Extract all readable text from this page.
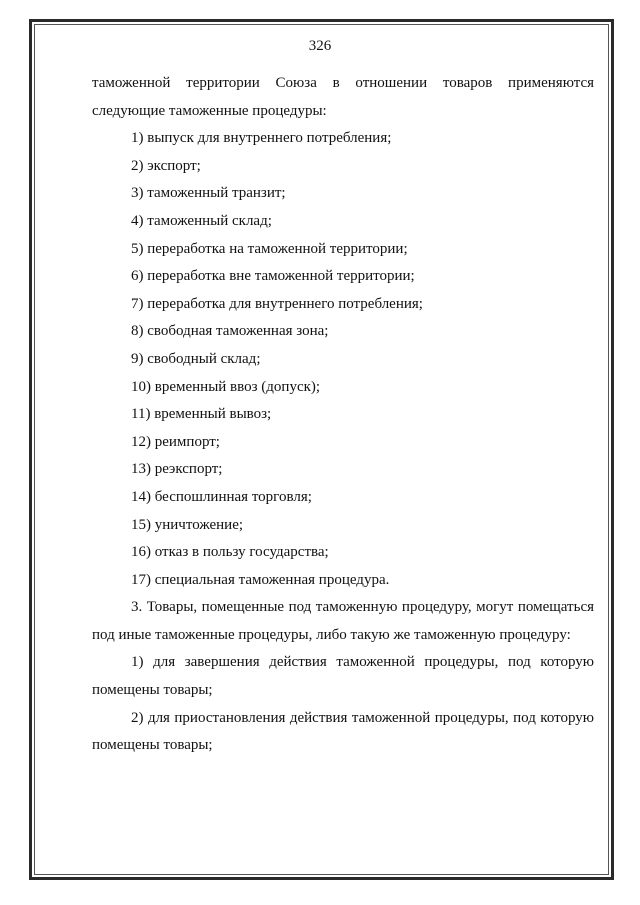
326

таможенной территории Союза в отношении товаров применяются следующие таможенные процедуры:

1) выпуск для внутреннего потребления;

2) экспорт;

3) таможенный транзит;

4) таможенный склад;

5) переработка на таможенной территории;

6) переработка вне таможенной территории;

7) переработка для внутреннего потребления;

8) свободная таможенная зона;

9) свободный склад;

10) временный ввоз (допуск);

11) временный вывоз;

12) реимпорт;

13) реэкспорт;

14) беспошлинная торговля;

15) уничтожение;

16) отказ в пользу государства;

17) специальная таможенная процедура.

3. Товары, помещенные под таможенную процедуру, могут помещаться под иные таможенные процедуры, либо такую же таможенную процедуру:

1) для завершения действия таможенной процедуры, под которую помещены товары;

2) для приостановления действия таможенной процедуры, под которую помещены товары;
